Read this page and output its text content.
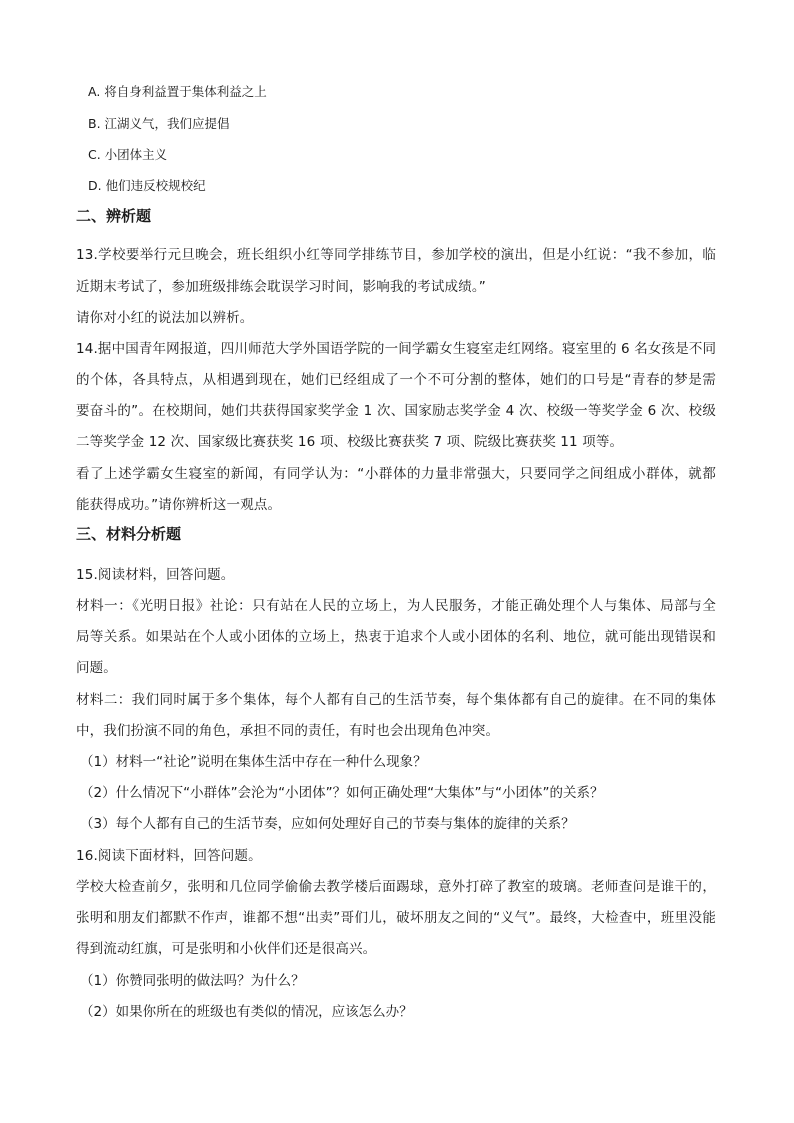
A. 将自身利益置于集体利益之上
B. 江湖义气，我们应提倡
C. 小团体主义
D. 他们违反校规校纪
二、辨析题
13.学校要举行元旦晚会，班长组织小红等同学排练节目，参加学校的演出，但是小红说：“我不参加，临
近期末考试了，参加班级排练会耽误学习时间，影响我的考试成绩。”
请你对小红的说法加以辨析。
14.据中国青年网报道，四川师范大学外国语学院的一间学霸女生寝室走红网络。寝室里的 6 名女孩是不同
的个体，各具特点，从相遇到现在，她们已经组成了一个不可分割的整体，她们的口号是“青春的梦是需
要奋斗的”。在校期间，她们共获得国家奖学金 1 次、国家励志奖学金 4 次、校级一等奖学金 6 次、校级
二等奖学金 12 次、国家级比赛获奖 16 项、校级比赛获奖 7 项、院级比赛获奖 11 项等。
看了上述学霸女生寝室的新闻，有同学认为：“小群体的力量非常强大，只要同学之间组成小群体，就都
能获得成功。”请你辨析这一观点。
三、材料分析题
15.阅读材料，回答问题。
材料一：《光明日报》社论：只有站在人民的立场上，为人民服务，才能正确处理个人与集体、局部与全
局等关系。如果站在个人或小团体的立场上，热衷于追求个人或小团体的名利、地位，就可能出现错误和
问题。
材料二：我们同时属于多个集体，每个人都有自己的生活节奏，每个集体都有自己的旋律。在不同的集体
中，我们扮演不同的角色，承担不同的责任，有时也会出现角色冲突。
（1）材料一“社论”说明在集体生活中存在一种什么现象？
（2）什么情况下“小群体”会沦为“小团体”？如何正确处理“大集体”与“小团体”的关系？
（3）每个人都有自己的生活节奏，应如何处理好自己的节奏与集体的旋律的关系？
16.阅读下面材料，回答问题。
学校大检查前夕，张明和几位同学偷偷去教学楼后面踢球，意外打碎了教室的玻璃。老师查问是谁干的，
张明和朋友们都默不作声，谁都不想“出卖”哥们儿，破坏朋友之间的“义气”。最终，大检查中，班里没能
得到流动红旗，可是张明和小伙伴们还是很高兴。
（1）你赞同张明的做法吗？为什么？
（2）如果你所在的班级也有类似的情况，应该怎么办？
